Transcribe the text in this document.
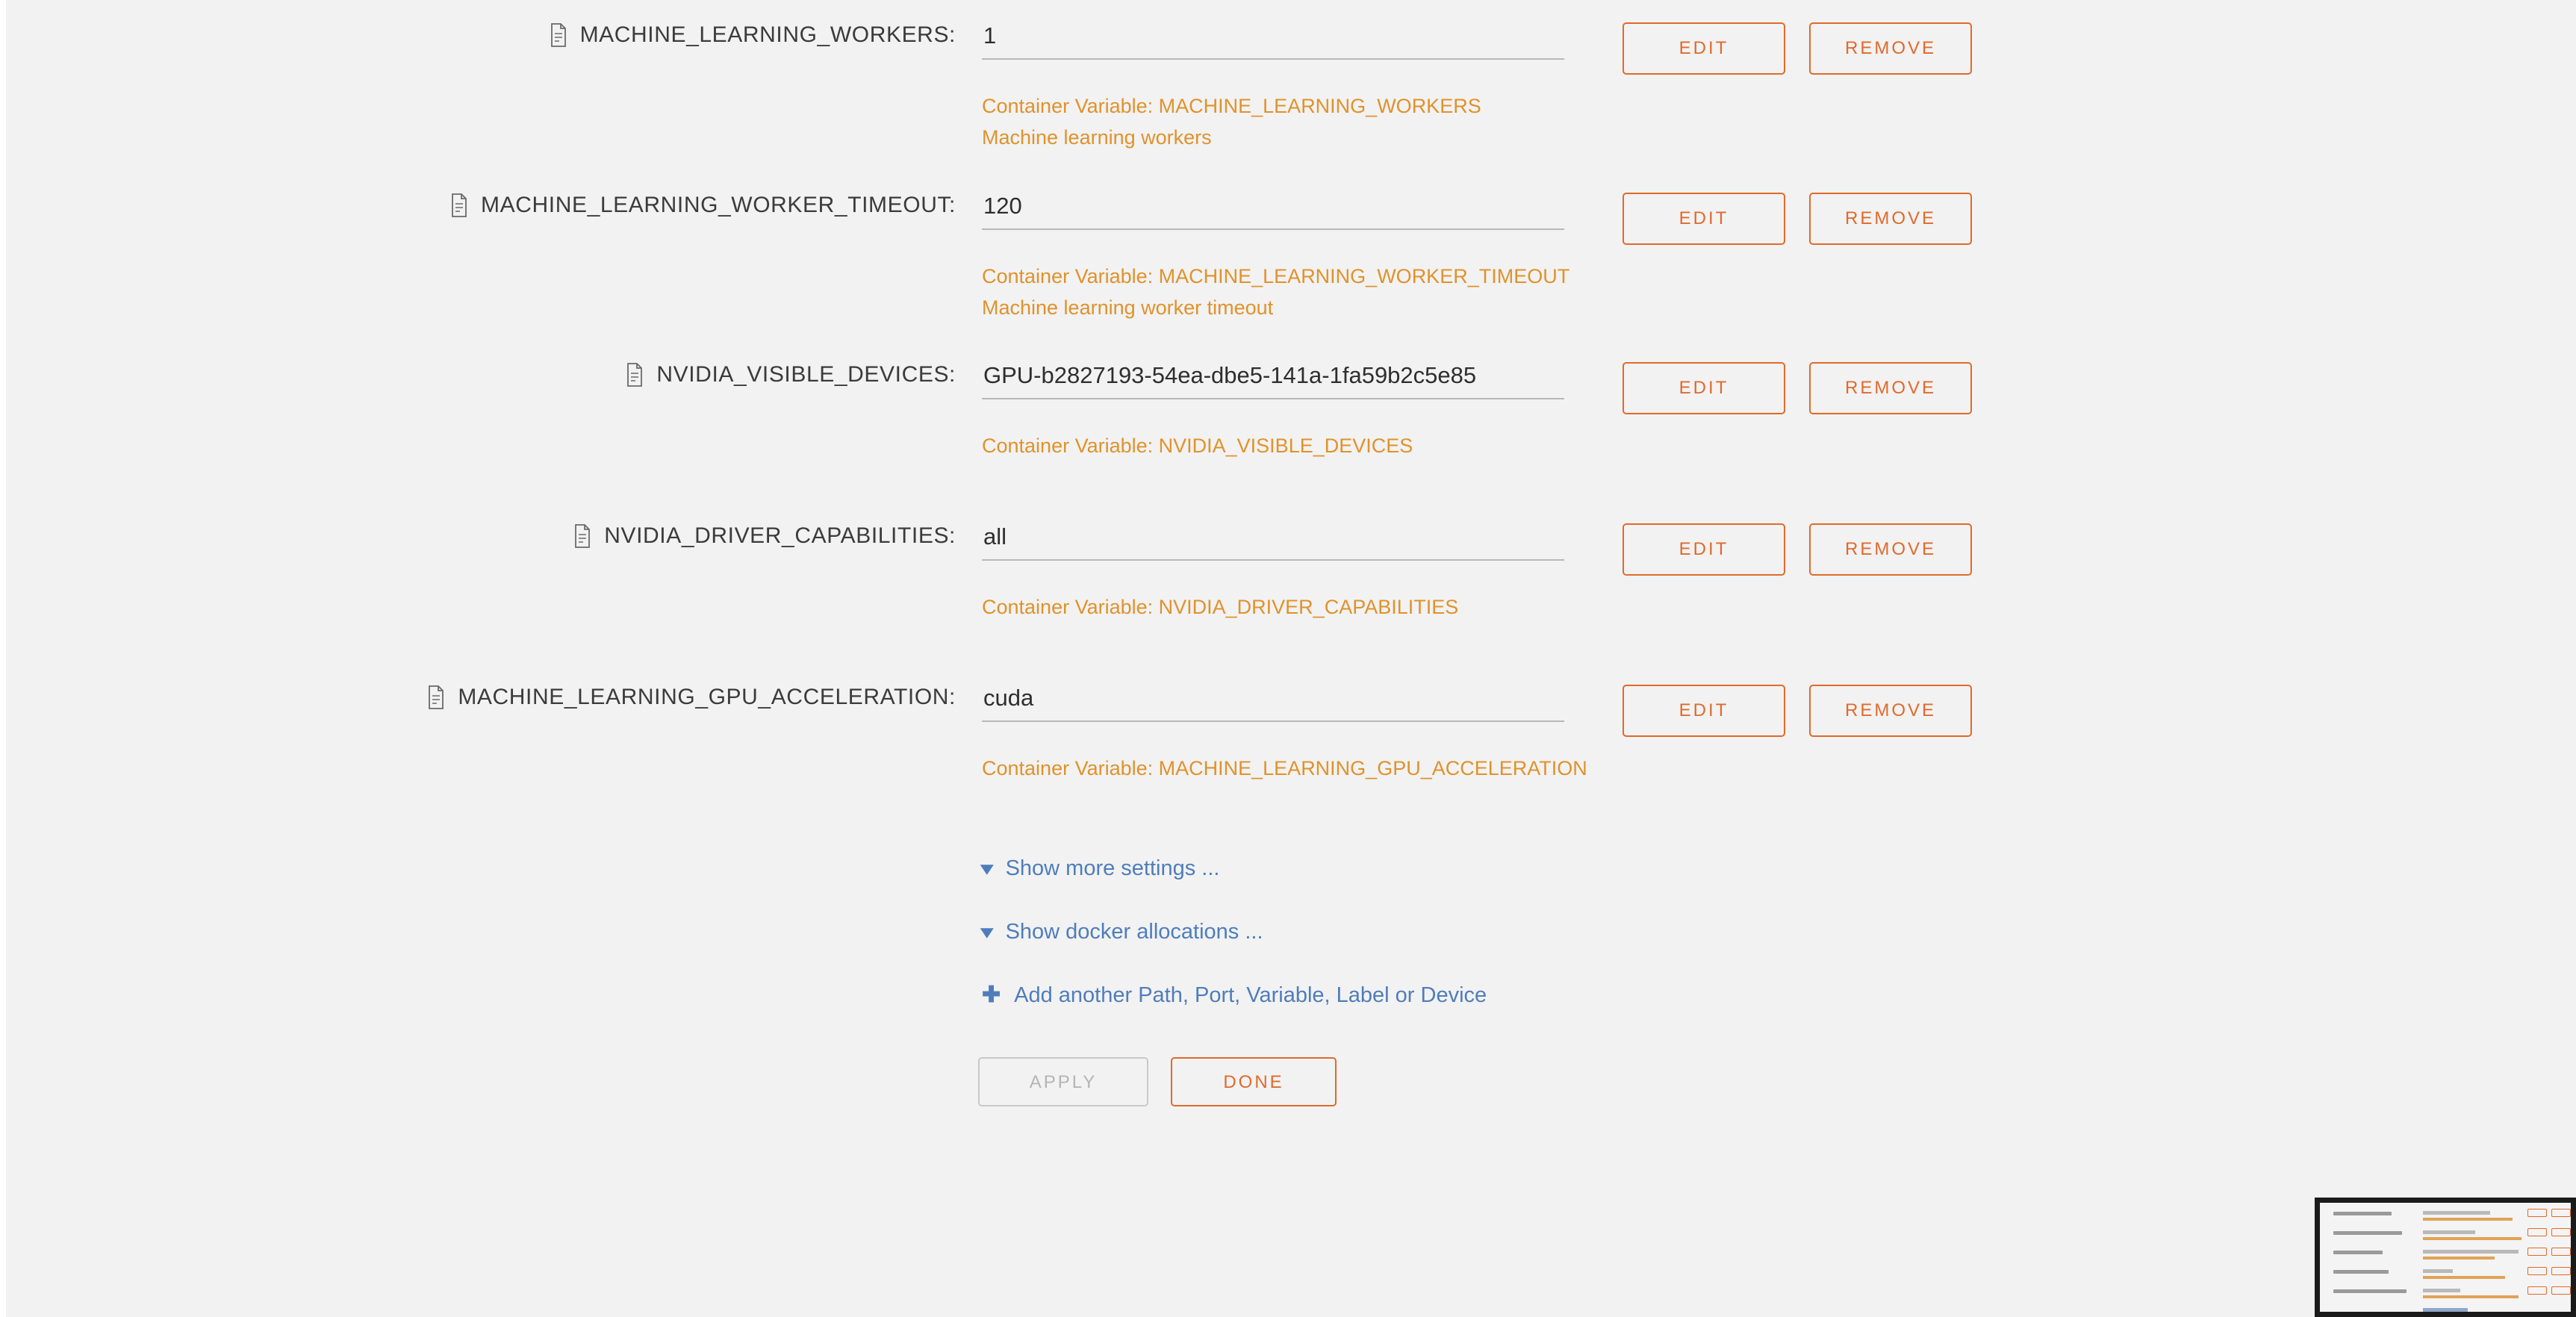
MACHINE_LEARNING_WORKERS:
1
EDIT	REMOVE
Container Variable: MACHINE_LEARNING_WORKERS
Machine learning workers
MACHINE_LEARNING_WORKER_TIMEOUT:
120
EDIT	REMOVE
Container Variable: MACHINE_LEARNING_WORKER_TIMEOUT
Machine learning worker timeout
NVIDIA_VISIBLE_DEVICES:
GPU-b2827193-54ea-dbe5-141a-1fa59b2c5e85
EDIT	REMOVE
Container Variable: NVIDIA_VISIBLE_DEVICES
NVIDIA_DRIVER_CAPABILITIES:
all
EDIT	REMOVE
Container Variable: NVIDIA_DRIVER_CAPABILITIES
MACHINE_LEARNING_GPU_ACCELERATION:
cuda
EDIT	REMOVE
Container Variable: MACHINE_LEARNING_GPU_ACCELERATION
▾ Show more settings ...
▾ Show docker allocations ...
✚ Add another Path, Port, Variable, Label or Device
APPLY	DONE
